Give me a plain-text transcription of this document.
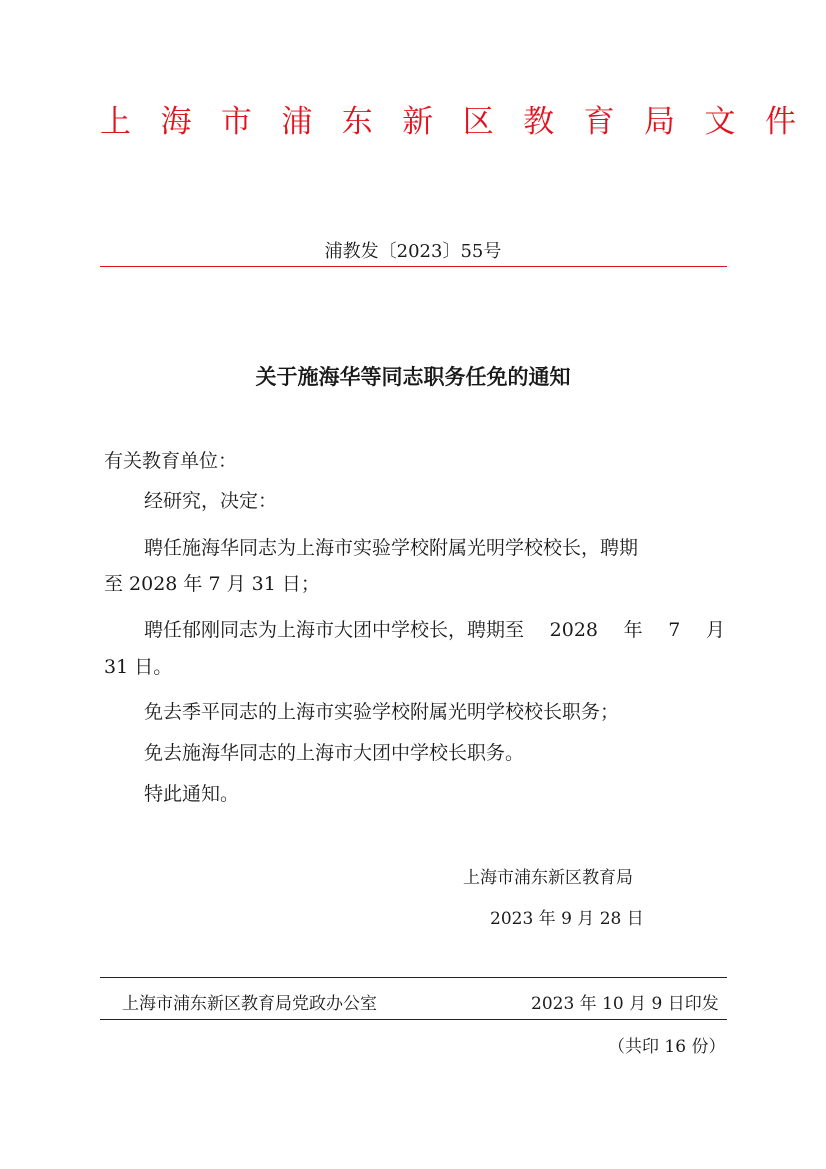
上海市浦东新区教育局文件
浦教发〔2023〕55号
关于施海华等同志职务任免的通知
有关教育单位：
经研究，决定：
聘任施海华同志为上海市实验学校附属光明学校校长，聘期
至 2028 年 7 月 31 日；
聘任郁刚同志为上海市大团中学校长，聘期至 2028 年 7 月
31 日。
免去季平同志的上海市实验学校附属光明学校校长职务；
免去施海华同志的上海市大团中学校长职务。
特此通知。
上海市浦东新区教育局
2023 年 9 月 28 日
上海市浦东新区教育局党政办公室	2023 年 10 月 9 日印发
（共印 16 份）
